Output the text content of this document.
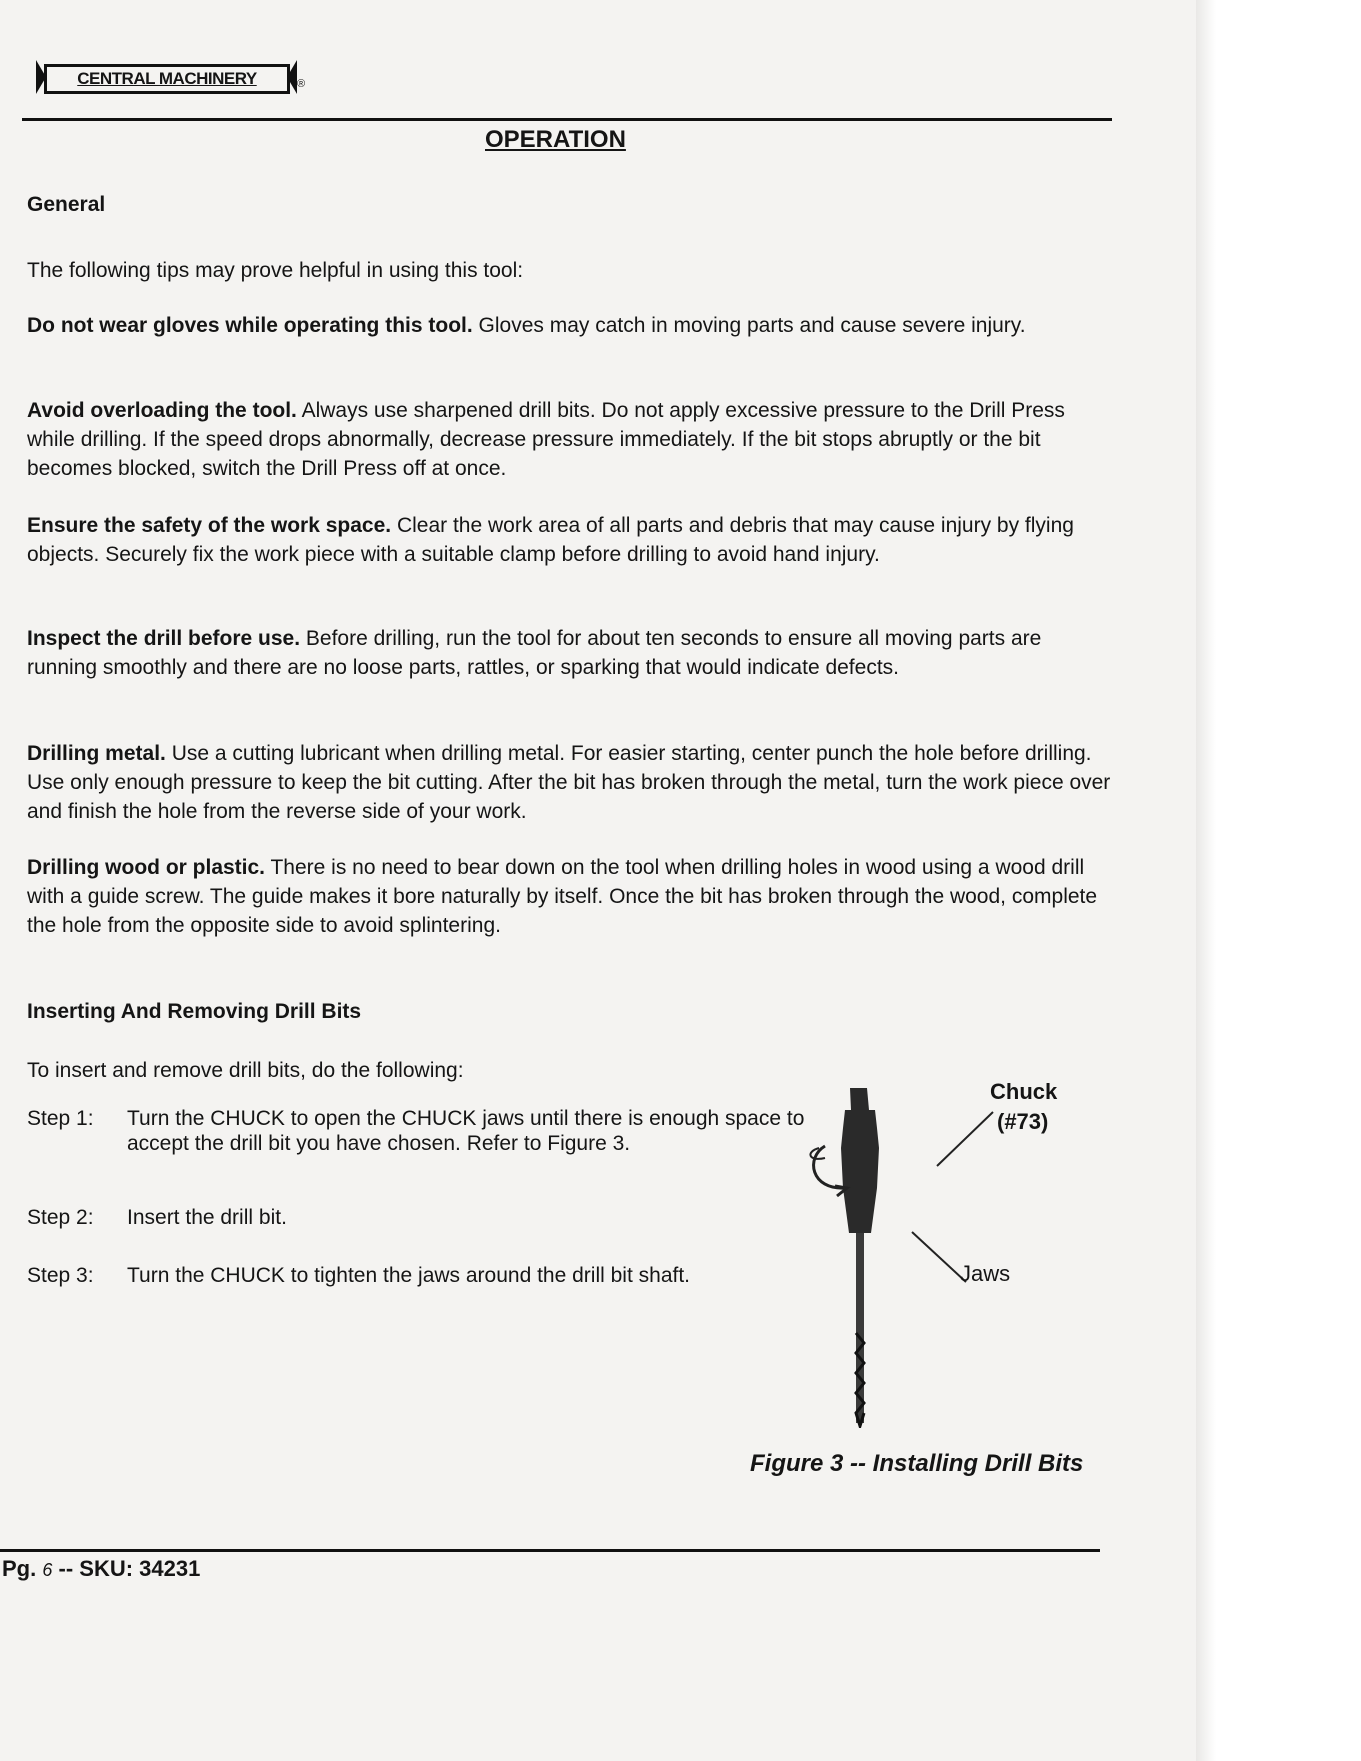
CENTRAL MACHINERY	®
OPERATION

General

The following tips may prove helpful in using this tool:

Do not wear gloves while operating this tool. Gloves may catch in moving parts and cause severe injury.

Avoid overloading the tool. Always use sharpened drill bits. Do not apply excessive pressure to the Drill Press while drilling. If the speed drops abnormally, decrease pressure immediately. If the bit stops abruptly or the bit becomes blocked, switch the Drill Press off at once.

Ensure the safety of the work space. Clear the work area of all parts and debris that may cause injury by flying objects. Securely fix the work piece with a suitable clamp before drilling to avoid hand injury.

Inspect the drill before use. Before drilling, run the tool for about ten seconds to ensure all moving parts are running smoothly and there are no loose parts, rattles, or sparking that would indicate defects.

Drilling metal. Use a cutting lubricant when drilling metal. For easier starting, center punch the hole before drilling. Use only enough pressure to keep the bit cutting. After the bit has broken through the metal, turn the work piece over and finish the hole from the reverse side of your work.

Drilling wood or plastic. There is no need to bear down on the tool when drilling holes in wood using a wood drill with a guide screw. The guide makes it bore naturally by itself. Once the bit has broken through the wood, complete the hole from the opposite side to avoid splintering.

Inserting And Removing Drill Bits

To insert and remove drill bits, do the following:

Step 1:	Turn the CHUCK to open the CHUCK jaws until there is enough space to accept the drill bit you have chosen. Refer to Figure 3.
Step 2:	Insert the drill bit.
Step 3:	Turn the CHUCK to tighten the jaws around the drill bit shaft.

Chuck

(#73)

Jaws

Figure 3 -- Installing Drill Bits

Pg. 6 -- SKU: 34231
